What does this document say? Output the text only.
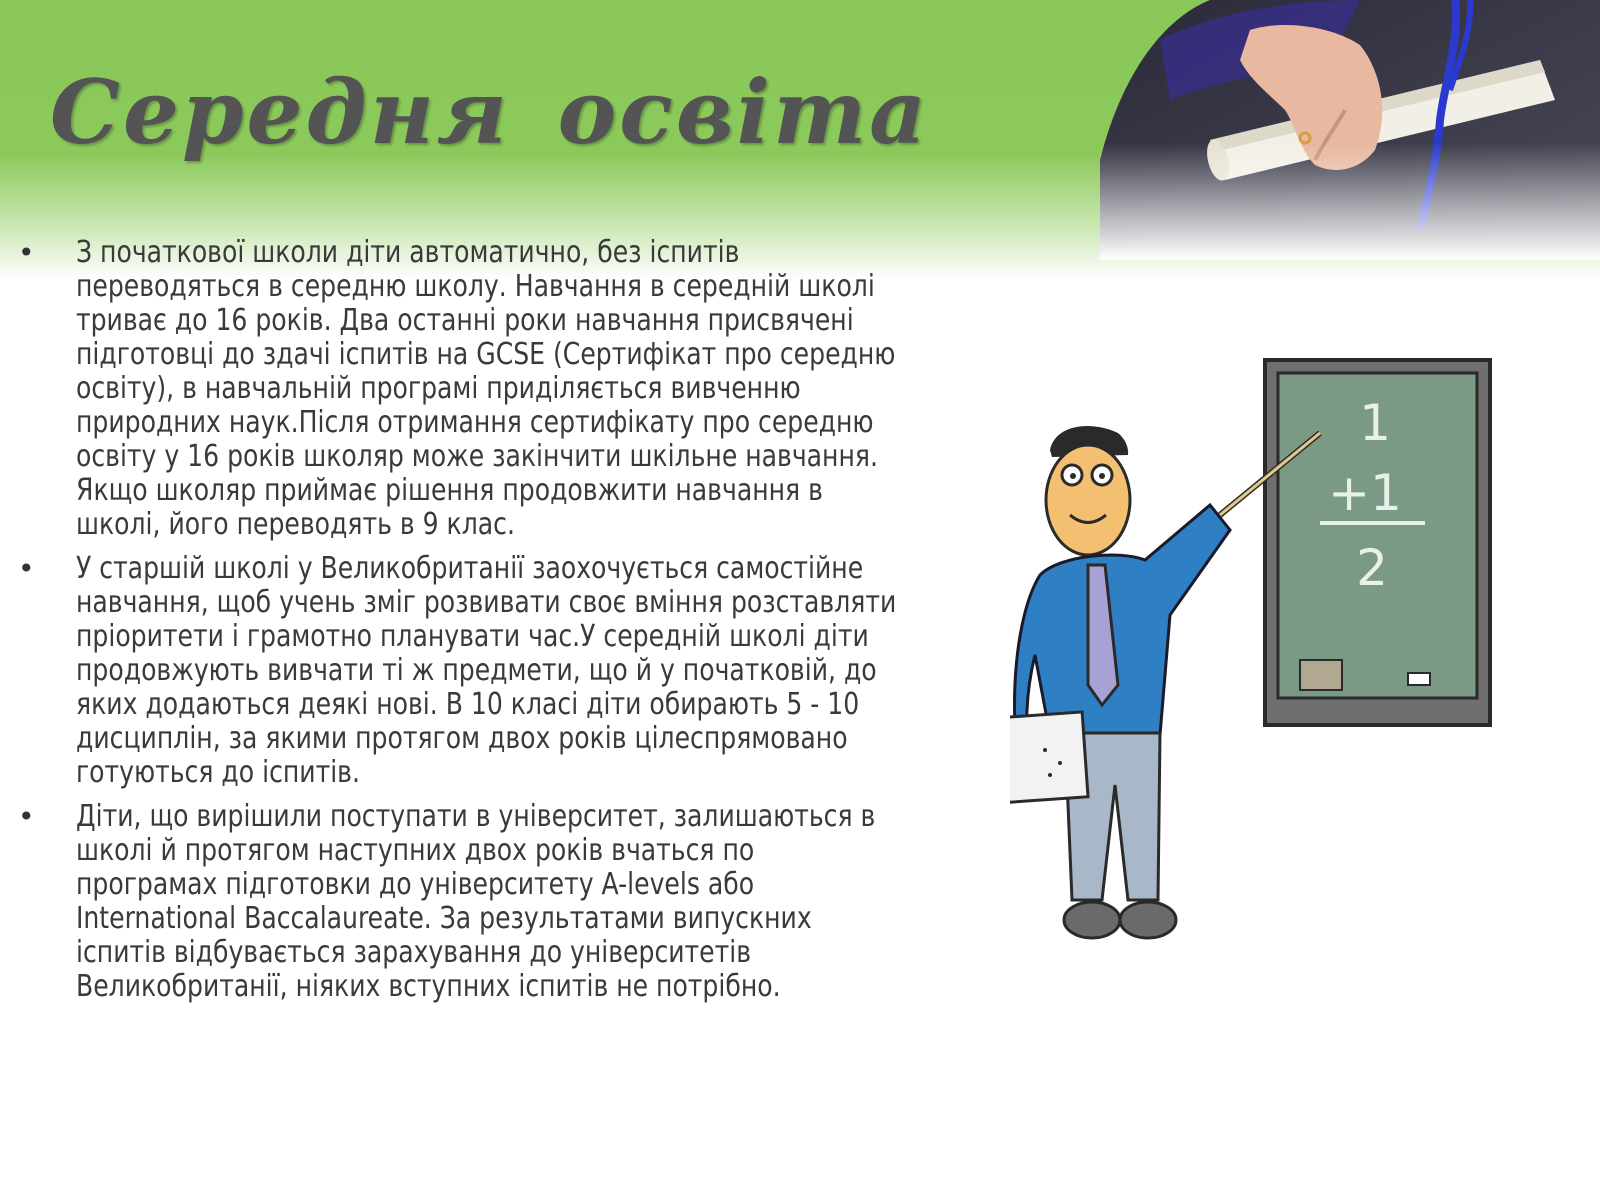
Середня освіта
•	З початкової школи діти автоматично, без іспитів переводяться в середню школу. Навчання в середній школі триває до 16 років. Два останні роки навчання присвячені підготовці до здачі іспитів на GCSE (Сертифікат про середню освіту), в навчальній програмі приділяється вивченню природних наук.Після отримання сертифікату про середню освіту у 16 років школяр може закінчити шкільне навчання. Якщо школяр приймає рішення продовжити навчання в школі, його переводять в 9 клас.
•	У старшій школі у Великобританії заохочується самостійне навчання, щоб учень зміг розвивати своє вміння розставляти пріоритети і грамотно планувати час.У середній школі діти продовжують вивчати ті ж предмети, що й у початковій, до яких додаються деякі нові. В 10 класі діти обирають 5 - 10 дисциплін, за якими протягом двох років цілеспрямовано готуються до іспитів.
•	Діти, що вирішили поступати в університет, залишаються в школі й протягом наступних двох років вчаться по програмах підготовки до університету A-levels або International Baccalaureate. За результатами випускних іспитів відбувається зарахування до університетів Великобританії, ніяких вступних іспитів не потрібно.
1
+1
2
